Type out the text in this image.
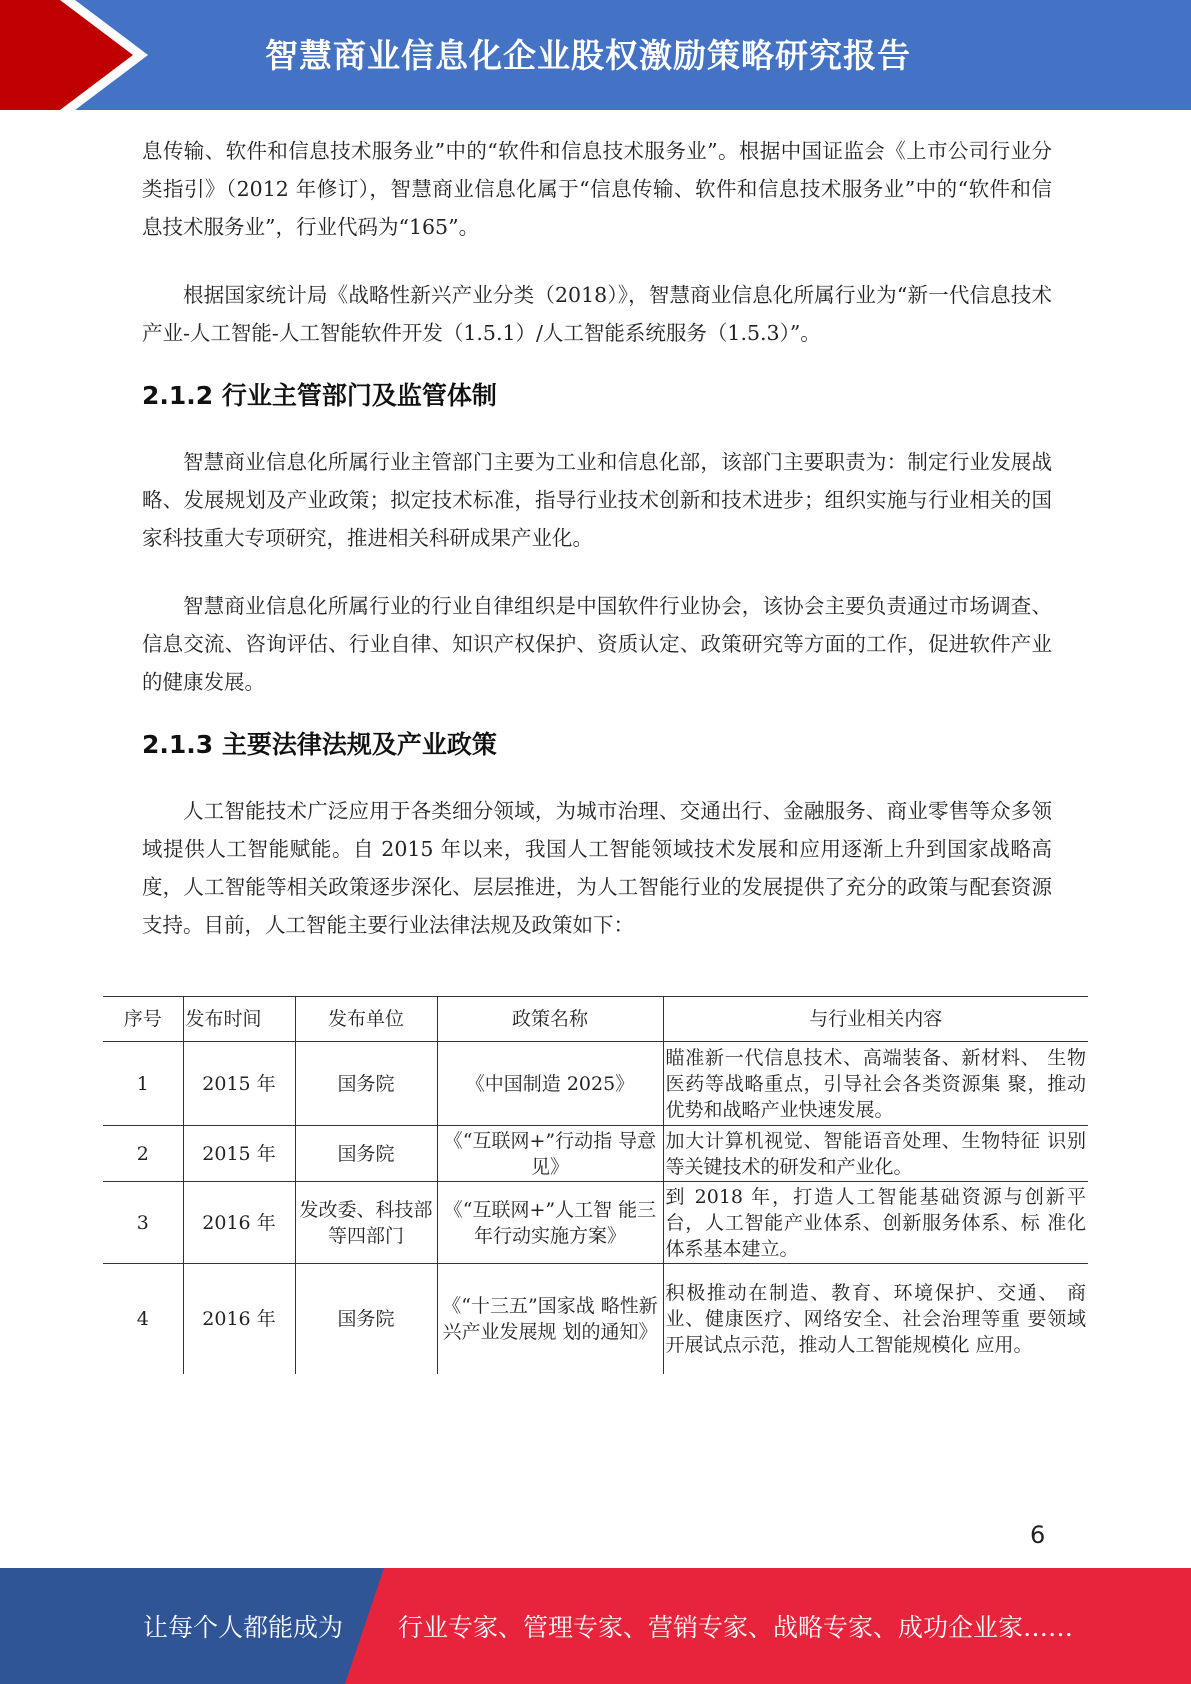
智慧商业信息化企业股权激励策略研究报告

息传输、软件和信息技术服务业”中的“软件和信息技术服务业”。根据中国证监会《上市公司行业分类指引》（2012 年修订），智慧商业信息化属于“信息传输、软件和信息技术服务业”中的“软件和信息技术服务业”，行业代码为“165”。

根据国家统计局《战略性新兴产业分类（2018）》，智慧商业信息化所属行业为“新一代信息技术产业-人工智能-人工智能软件开发（1.5.1）/人工智能系统服务（1.5.3）”。

2.1.2 行业主管部门及监管体制

智慧商业信息化所属行业主管部门主要为工业和信息化部，该部门主要职责为：制定行业发展战略、发展规划及产业政策；拟定技术标准，指导行业技术创新和技术进步；组织实施与行业相关的国家科技重大专项研究，推进相关科研成果产业化。

智慧商业信息化所属行业的行业自律组织是中国软件行业协会，该协会主要负责通过市场调查、信息交流、咨询评估、行业自律、知识产权保护、资质认定、政策研究等方面的工作，促进软件产业的健康发展。

2.1.3 主要法律法规及产业政策

人工智能技术广泛应用于各类细分领域，为城市治理、交通出行、金融服务、商业零售等众多领域提供人工智能赋能。自 2015 年以来，我国人工智能领域技术发展和应用逐渐上升到国家战略高度，人工智能等相关政策逐步深化、层层推进，为人工智能行业的发展提供了充分的政策与配套资源支持。目前，人工智能主要行业法律法规及政策如下：

序号	发布时间	发布单位	政策名称	与行业相关内容
1	2015 年	国务院	《中国制造 2025》	瞄准新一代信息技术、高端装备、新材料、 生物医药等战略重点，引导社会各类资源集 聚，推动优势和战略产业快速发展。
2	2015 年	国务院	《“互联网+”行动指 导意见》	加大计算机视觉、智能语音处理、生物特征 识别等关键技术的研发和产业化。
3	2016 年	发改委、科技部等四部门	《“互联网+”人工智 能三年行动实施方案》	到 2018 年，打造人工智能基础资源与创新平 台，人工智能产业体系、创新服务体系、标 准化体系基本建立。
4	2016 年	国务院	《“十三五”国家战 略性新兴产业发展规 划的通知》	积极推动在制造、教育、环境保护、交通、 商业、健康医疗、网络安全、社会治理等重 要领域开展试点示范，推动人工智能规模化 应用。
6
让每个人都能成为 行业专家、管理专家、营销专家、战略专家、成功企业家……
